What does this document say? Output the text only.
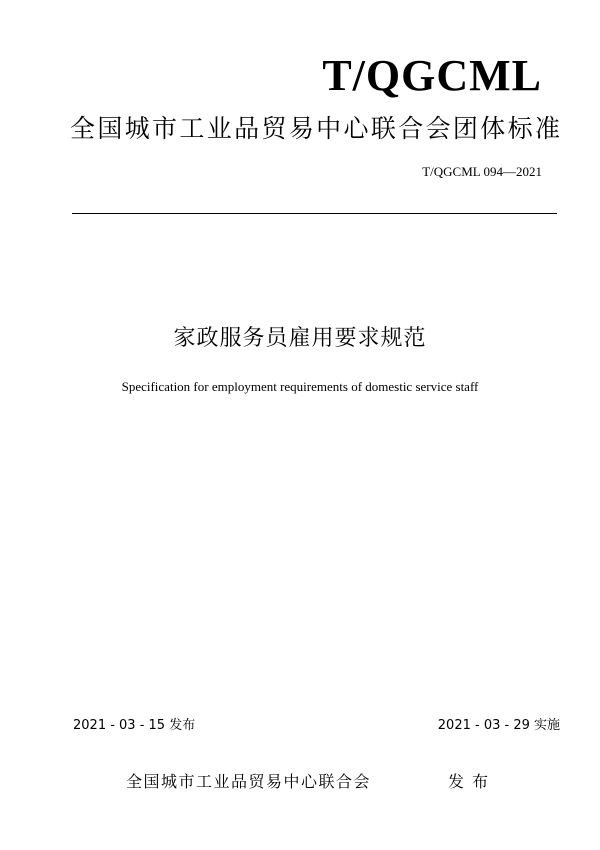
T/QGCML
全国城市工业品贸易中心联合会团体标准
T/QGCML 094—2021
家政服务员雇用要求规范
Specification for employment requirements of domestic service staff
2021 - 03 - 15 发布	2021 - 03 - 29 实施
全国城市工业品贸易中心联合会	发布
